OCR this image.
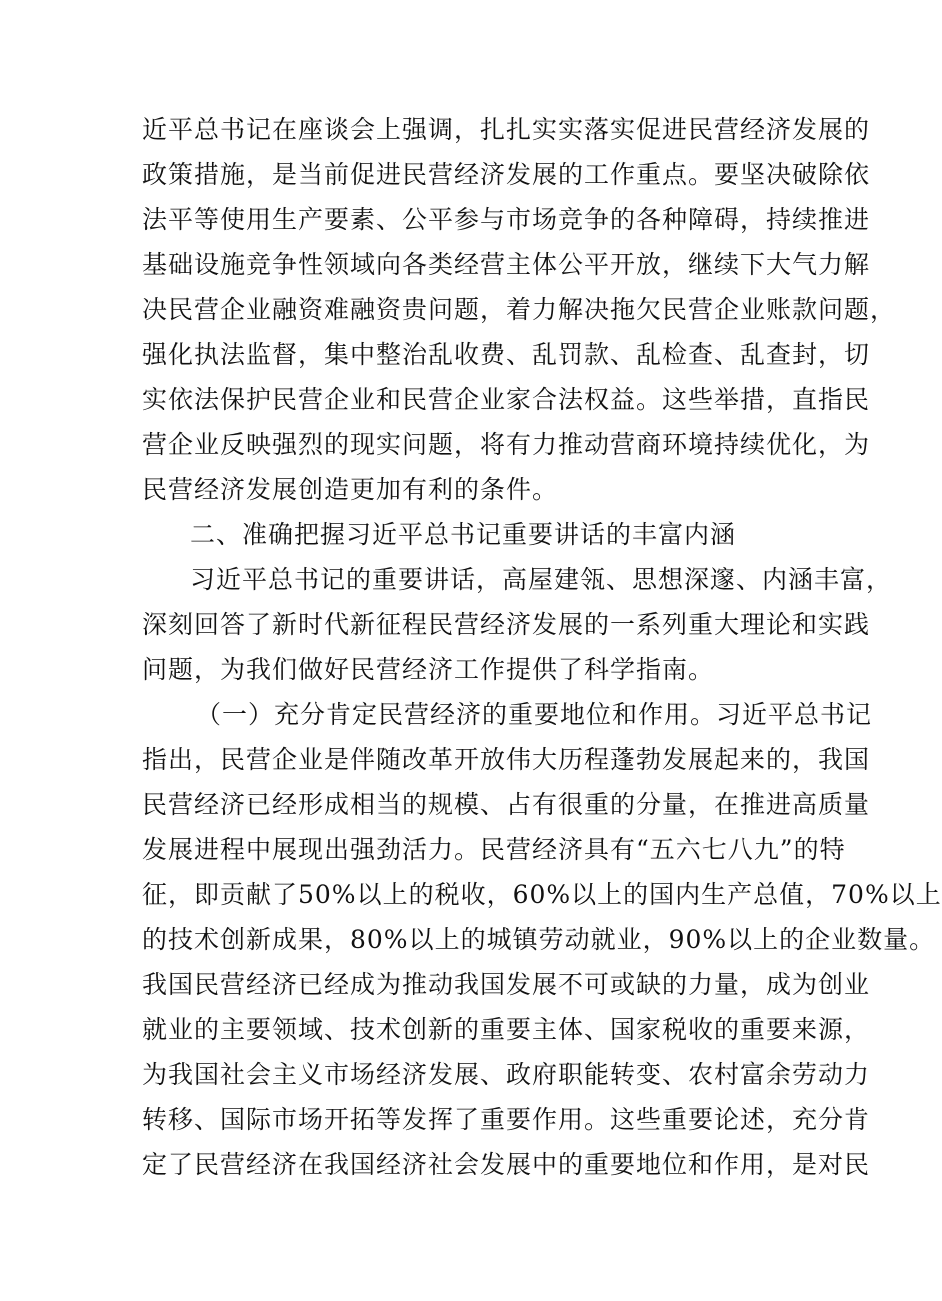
近平总书记在座谈会上强调，扎扎实实落实促进民营经济发展的
政策措施，是当前促进民营经济发展的工作重点。要坚决破除依
法平等使用生产要素、公平参与市场竞争的各种障碍，持续推进
基础设施竞争性领域向各类经营主体公平开放，继续下大气力解
决民营企业融资难融资贵问题，着力解决拖欠民营企业账款问题，
强化执法监督，集中整治乱收费、乱罚款、乱检查、乱查封，切
实依法保护民营企业和民营企业家合法权益。这些举措，直指民
营企业反映强烈的现实问题，将有力推动营商环境持续优化，为
民营经济发展创造更加有利的条件。
二、准确把握习近平总书记重要讲话的丰富内涵
习近平总书记的重要讲话，高屋建瓴、思想深邃、内涵丰富，
深刻回答了新时代新征程民营经济发展的一系列重大理论和实践
问题，为我们做好民营经济工作提供了科学指南。
（一）充分肯定民营经济的重要地位和作用。习近平总书记
指出，民营企业是伴随改革开放伟大历程蓬勃发展起来的，我国
民营经济已经形成相当的规模、占有很重的分量，在推进高质量
发展进程中展现出强劲活力。民营经济具有“五六七八九”的特
征，即贡献了50%以上的税收，60%以上的国内生产总值，70%以上
的技术创新成果，80%以上的城镇劳动就业，90%以上的企业数量。
我国民营经济已经成为推动我国发展不可或缺的力量，成为创业
就业的主要领域、技术创新的重要主体、国家税收的重要来源，
为我国社会主义市场经济发展、政府职能转变、农村富余劳动力
转移、国际市场开拓等发挥了重要作用。这些重要论述，充分肯
定了民营经济在我国经济社会发展中的重要地位和作用，是对民
